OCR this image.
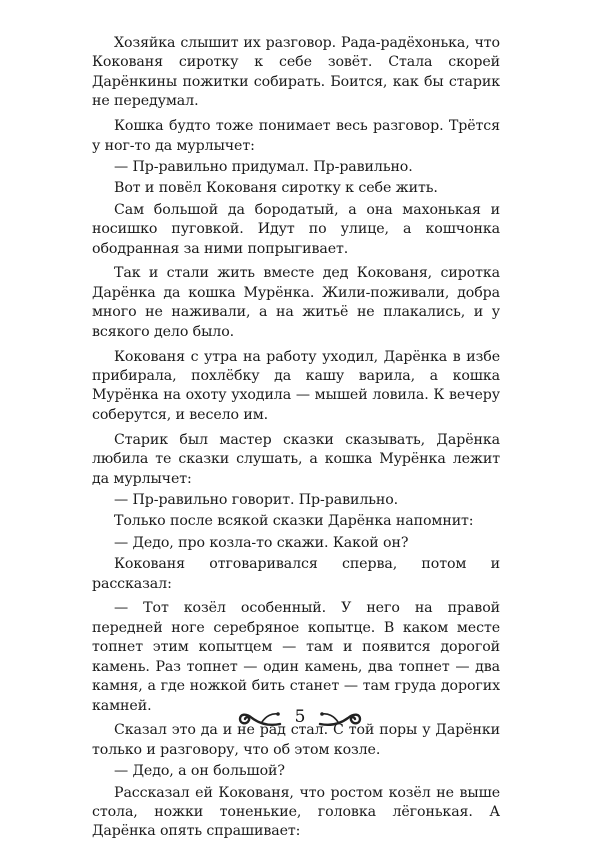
Хозяйка слышит их разговор. Рада-радёхонька, что Кокованя сиротку к себе зовёт. Стала скорей Дарёнкины пожитки собирать. Боится, как бы старик не передумал.

Кошка будто тоже понимает весь разговор. Трётся у ног-то да мурлычет:

— Пр-равильно придумал. Пр-равильно.

Вот и повёл Кокованя сиротку к себе жить.

Сам большой да бородатый, а она махонькая и носишко пуговкой. Идут по улице, а кошчонка ободранная за ними попрыгивает.

Так и стали жить вместе дед Кокованя, сиротка Дарёнка да кошка Мурёнка. Жили-поживали, добра много не наживали, а на житьё не плакались, и у всякого дело было.

Кокованя с утра на работу уходил, Дарёнка в избе прибирала, похлёбку да кашу варила, а кошка Мурёнка на охоту уходила — мышей ловила. К вечеру соберутся, и весело им.

Старик был мастер сказки сказывать, Дарёнка любила те сказки слушать, а кошка Мурёнка лежит да мурлычет:

— Пр-равильно говорит. Пр-равильно.

Только после всякой сказки Дарёнка напомнит:

— Дедо, про козла-то скажи. Какой он?

Кокованя отговаривался сперва, потом и рассказал:

— Тот козёл особенный. У него на правой передней ноге серебряное копытце. В каком месте топнет этим копытцем — там и появится дорогой камень. Раз топнет — один камень, два топнет — два камня, а где ножкой бить станет — там груда дорогих камней.

Сказал это да и не рад стал. С той поры у Дарёнки только и разговору, что об этом козле.

— Дедо, а он большой?

Рассказал ей Кокованя, что ростом козёл не выше стола, ножки тоненькие, головка лёгонькая. А Дарёнка опять спрашивает:

5
